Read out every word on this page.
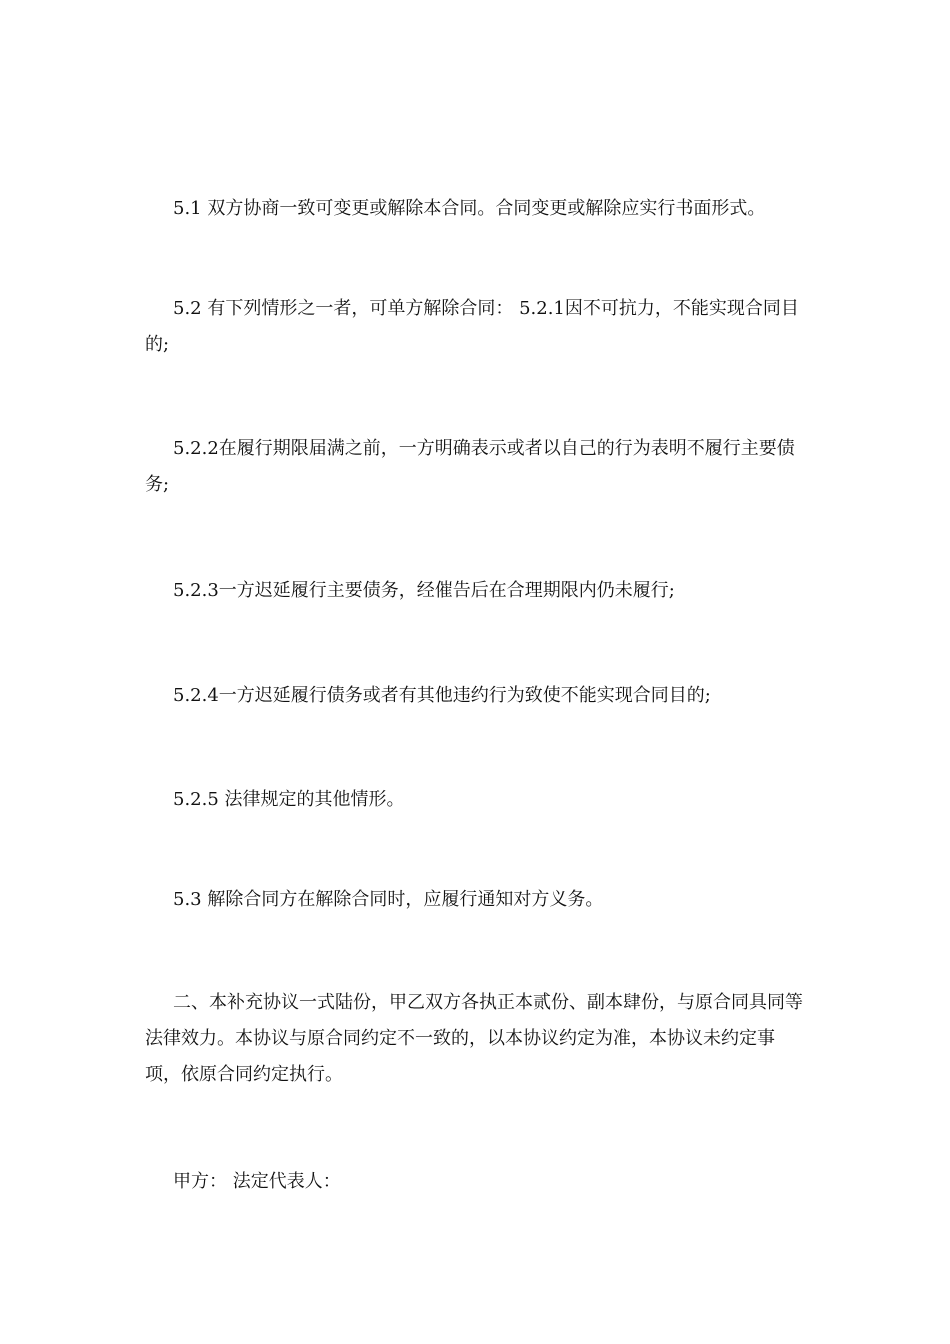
5.1 双方协商一致可变更或解除本合同。合同变更或解除应实行书面形式。

5.2 有下列情形之一者，可单方解除合同： 5.2.1因不可抗力，不能实现合同目的;

5.2.2在履行期限届满之前，一方明确表示或者以自己的行为表明不履行主要债务;

5.2.3一方迟延履行主要债务，经催告后在合理期限内仍未履行;

5.2.4一方迟延履行债务或者有其他违约行为致使不能实现合同目的;

5.2.5 法律规定的其他情形。

5.3 解除合同方在解除合同时，应履行通知对方义务。

二、本补充协议一式陆份，甲乙双方各执正本贰份、副本肆份，与原合同具同等法律效力。本协议与原合同约定不一致的，以本协议约定为准，本协议未约定事项，依原合同约定执行。

甲方： 法定代表人：
